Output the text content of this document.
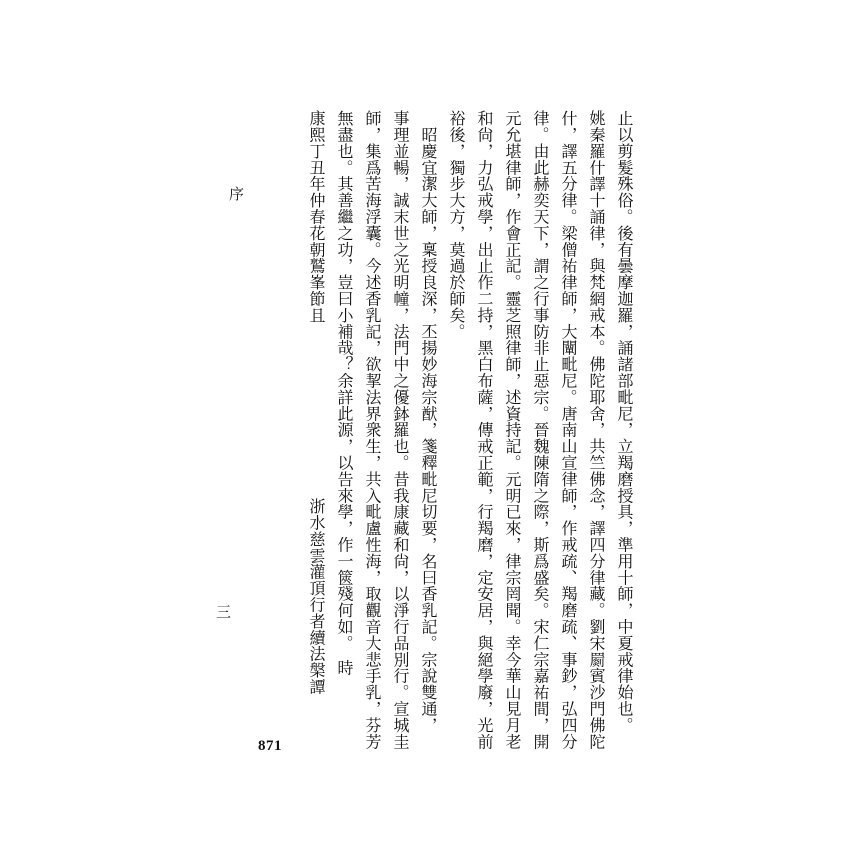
序
三
871
止以剪髮殊俗。後有曇摩迦羅，誦諸部毗尼，立羯磨授具，準用十師，中夏戒律始也。
姚秦羅什譯十誦律，與梵網戒本。佛陀耶舍，共竺佛念，譯四分律藏。劉宋罽賓沙門佛陀
什，譯五分律。梁僧祐律師，大闡毗尼。唐南山宣律師，作戒疏、羯磨疏、事鈔，弘四分
律。由此赫奕天下，謂之行事防非止惡宗。晉魏陳隋之際，斯爲盛矣。宋仁宗嘉祐間，開
元允堪律師，作會正記。靈芝照律師，述資持記。元明已來，律宗罔聞。幸今華山見月老
和尙，力弘戒學，出止作二持，黑白布薩，傳戒正範，行羯磨，定安居，與絕學廢，光前
裕後，獨步大方，莫過於師矣。
　昭慶宜潔大師，稟授良深，丕揚妙海宗猷，箋釋毗尼切要，名曰香乳記。宗說雙通，
事理並暢，誠末世之光明幢，法門中之優鉢羅也。昔我康藏和尙，以淨行品別行。宣城圭
師，集爲苦海浮囊。今述香乳記，欲挈法界衆生，共入毗盧性海，取觀音大悲手乳，芬芳
無盡也。其善繼之功，豈曰小補哉？余詳此源，以告來學，作一篋殘何如。　時
康熙丁丑年仲春花朝鷲峯節且
浙水慈雲灌頂行者續法槃譚
